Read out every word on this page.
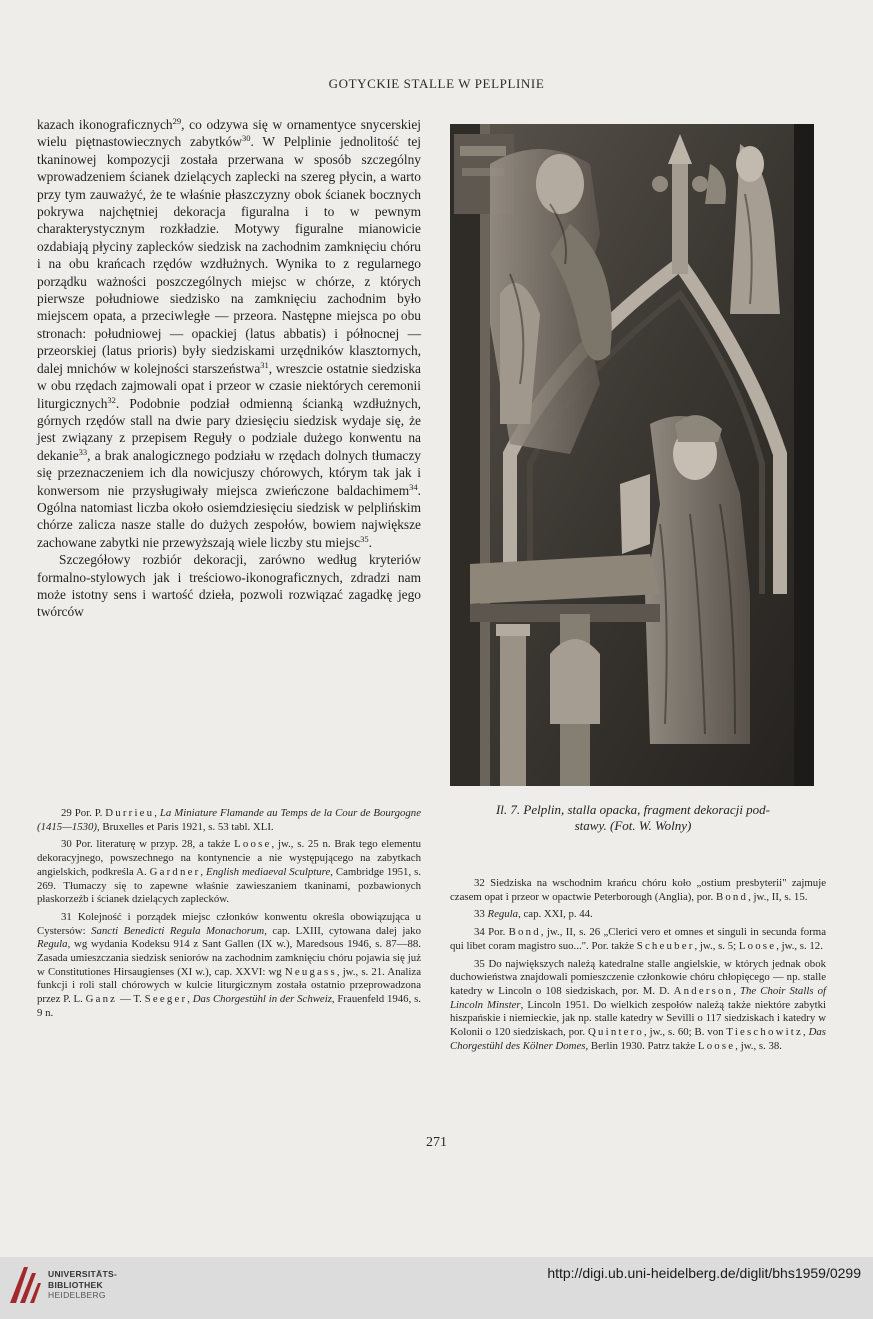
GOTYCKIE STALLE W PELPLINIE

kazach ikonograficznych$^{29}$, co odzywa się w ornamentyce snycerskiej wielu piętnastowiecznych zabytków$^{30}$. W Pelplinie jednolitość tej tkaninowej kompozycji została przerwana w sposób szczególny wprowadzeniem ścianek dzielących zaplecki na szereg płycin, a warto przy tym zauważyć, że te właśnie płaszczyzny obok ścianek bocznych pokrywa najchętniej dekoracja figuralna i to w pewnym charakterystycznym rozkładzie. Motywy figuralne mianowicie ozdabiają płyciny zaplecków siedzisk na zachodnim zamknięciu chóru i na obu krańcach rzędów wzdłużnych. Wynika to z regularnego porządku ważności poszczególnych miejsc w chórze, z których pierwsze południowe siedzisko na zamknięciu zachodnim było miejscem opata, a przeciwległe — przeora. Następne miejsca po obu stronach: południowej — opackiej (latus abbatis) i północnej — przeorskiej (latus prioris) były siedziskami urzędników klasztornych, dalej mnichów w kolejności starszeństwa$^{31}$, wreszcie ostatnie siedziska w obu rzędach zajmowali opat i przeor w czasie niektórych ceremonii liturgicznych$^{32}$. Podobnie podział odmienną ścianką wzdłużnych, górnych rzędów stall na dwie pary dziesięciu siedzisk wydaje się, że jest związany z przepisem Reguły o podziale dużego konwentu na dekanie$^{33}$, a brak analogicznego podziału w rzędach dolnych tłumaczy się przeznaczeniem ich dla nowicjuszy chórowych, którym tak jak i konwersom nie przysługiwały miejsca zwieńczone baldachimem$^{34}$. Ogólna natomiast liczba około osiemdziesięciu siedzisk w pelplińskim chórze zalicza nasze stalle do dużych zespołów, bowiem największe zachowane zabytki nie przewyższają wiele liczby stu miejsc$^{35}$.

Szczegółowy rozbiór dekoracji, zarówno według kryteriów formalno-stylowych jak i treściowo-ikonograficznych, zdradzi nam może istotny sens i wartość dzieła, pozwoli rozwiązać zagadkę jego twórców

Il. 7. Pelplin, stalla opacka, fragment dekoracji pod-
stawy. (Fot. W. Wolny)

29 Por. P. Durrieu, La Miniature Flamande au Temps de la Cour de Bourgogne (1415—1530), Bruxelles et Paris 1921, s. 53 tabl. XLI.

30 Por. literaturę w przyp. 28, a także Loose, jw., s. 25 n. Brak tego elementu dekoracyjnego, powszechnego na kontynencie a nie występującego na zabytkach angielskich, podkreśla A. Gardner, English mediaeval Sculpture, Cambridge 1951, s. 269. Tłumaczy się to zapewne właśnie zawieszaniem tkaninami, pozbawionych płaskorzeźb i ścianek dzielących zaplecków.

31 Kolejność i porządek miejsc członków konwentu określa obowiązująca u Cystersów: Sancti Benedicti Regula Monachorum, cap. LXIII, cytowana dalej jako Regula, wg wydania Kodeksu 914 z Sant Gallen (IX w.), Maredsous 1946, s. 87—88. Zasada umieszczania siedzisk seniorów na zachodnim zamknięciu chóru pojawia się już w Constitutiones Hirsaugienses (XI w.), cap. XXVI: wg Neugass, jw., s. 21. Analiza funkcji i roli stall chórowych w kulcie liturgicznym została ostatnio przeprowadzona przez P. L. Ganz — T. Seeger, Das Chorgestühl in der Schweiz, Frauenfeld 1946, s. 9 n.

32 Siedziska na wschodnim krańcu chóru koło „ostium presbyterii" zajmuje czasem opat i przeor w opactwie Peterborough (Anglia), por. Bond, jw., II, s. 15.

33 Regula, cap. XXI, p. 44.

34 Por. Bond, jw., II, s. 26 „Clerici vero et omnes et singuli in secunda forma qui libet coram magistro suo...". Por. także Scheuber, jw., s. 5; Loose, jw., s. 12.

35 Do największych należą katedralne stalle angielskie, w których jednak obok duchowieństwa znajdowali pomieszczenie członkowie chóru chłopięcego — np. stalle katedry w Lincoln o 108 siedziskach, por. M. D. Anderson, The Choir Stalls of Lincoln Minster, Lincoln 1951. Do wielkich zespołów należą także niektóre zabytki hiszpańskie i niemieckie, jak np. stalle katedry w Sevilli o 117 siedziskach i katedry w Kolonii o 120 siedziskach, por. Quintero, jw., s. 60; B. von Tieschowitz, Das Chorgestühl des Kölner Domes, Berlin 1930. Patrz także Loose, jw., s. 38.

271
UNIVERSITÄTS-
BIBLIOTHEK
HEIDELBERG
http://digi.ub.uni-heidelberg.de/diglit/bhs1959/0299
